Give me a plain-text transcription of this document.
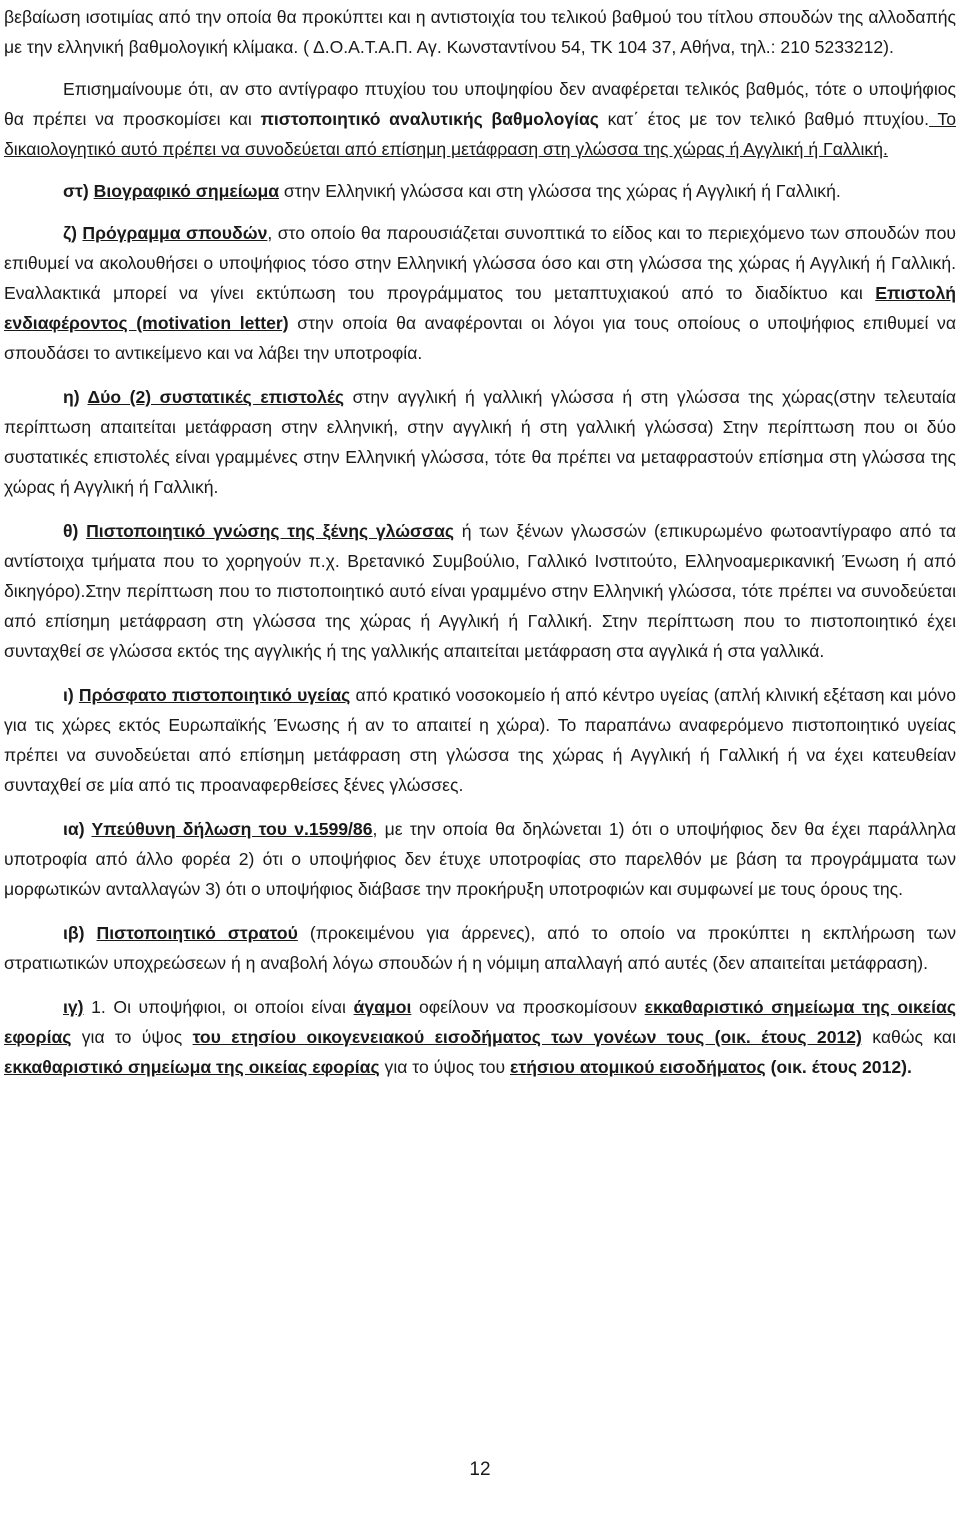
βεβαίωση ισοτιμίας από την οποία θα προκύπτει και η αντιστοιχία του τελικού βαθμού του τίτλου σπουδών της αλλοδαπής με την ελληνική βαθμολογική κλίμακα. ( Δ.Ο.Α.Τ.Α.Π. Αγ. Κωνσταντίνου 54, ΤΚ 104 37, Αθήνα, τηλ.: 210 5233212).

Επισημαίνουμε ότι, αν στο αντίγραφο πτυχίου του υποψηφίου δεν αναφέρεται τελικός βαθμός, τότε ο υποψήφιος θα πρέπει να προσκομίσει και πιστοποιητικό αναλυτικής βαθμολογίας κατ΄ έτος με τον τελικό βαθμό πτυχίου. Το δικαιολογητικό αυτό πρέπει να συνοδεύεται από επίσημη μετάφραση στη γλώσσα της χώρας ή Αγγλική ή Γαλλική.

στ) Βιογραφικό σημείωμα στην Ελληνική γλώσσα και στη γλώσσα της χώρας ή Αγγλική ή Γαλλική.

ζ) Πρόγραμμα σπουδών, στο οποίο θα παρουσιάζεται συνοπτικά το είδος και το περιεχόμενο των σπουδών που επιθυμεί να ακολουθήσει ο υποψήφιος τόσο στην Ελληνική γλώσσα όσο και στη γλώσσα της χώρας ή Αγγλική ή Γαλλική. Εναλλακτικά μπορεί να γίνει εκτύπωση του προγράμματος του μεταπτυχιακού από το διαδίκτυο και Επιστολή ενδιαφέροντος (motivation letter) στην οποία θα αναφέρονται οι λόγοι για τους οποίους ο υποψήφιος επιθυμεί να σπουδάσει το αντικείμενο και να λάβει την υποτροφία.

η) Δύο (2) συστατικές επιστολές στην αγγλική ή γαλλική γλώσσα ή στη γλώσσα της χώρας(στην τελευταία περίπτωση απαιτείται μετάφραση στην ελληνική, στην αγγλική ή στη γαλλική γλώσσα) Στην περίπτωση που οι δύο συστατικές επιστολές είναι γραμμένες στην Ελληνική γλώσσα, τότε θα πρέπει να μεταφραστούν επίσημα στη γλώσσα της χώρας ή Αγγλική ή Γαλλική.

θ) Πιστοποιητικό γνώσης της ξένης γλώσσας ή των ξένων γλωσσών (επικυρωμένο φωτοαντίγραφο από τα αντίστοιχα τμήματα που το χορηγούν π.χ. Βρετανικό Συμβούλιο, Γαλλικό Ινστιτούτο, Ελληνοαμερικανική Ένωση ή από δικηγόρο).Στην περίπτωση που το πιστοποιητικό αυτό είναι γραμμένο στην Ελληνική γλώσσα, τότε πρέπει να συνοδεύεται από επίσημη μετάφραση στη γλώσσα της χώρας ή Αγγλική ή Γαλλική. Στην περίπτωση που το πιστοποιητικό έχει συνταχθεί σε γλώσσα εκτός της αγγλικής ή της γαλλικής απαιτείται μετάφραση στα αγγλικά ή στα γαλλικά.

ι) Πρόσφατο πιστοποιητικό υγείας από κρατικό νοσοκομείο ή από κέντρο υγείας (απλή κλινική εξέταση και μόνο για τις χώρες εκτός Ευρωπαϊκής Ένωσης ή αν το απαιτεί η χώρα). Το παραπάνω αναφερόμενο πιστοποιητικό υγείας πρέπει να συνοδεύεται από επίσημη μετάφραση στη γλώσσα της χώρας ή Αγγλική ή Γαλλική ή να έχει κατευθείαν συνταχθεί σε μία από τις προαναφερθείσες ξένες γλώσσες.

ια) Υπεύθυνη δήλωση του ν.1599/86, με την οποία θα δηλώνεται 1) ότι ο υποψήφιος δεν θα έχει παράλληλα υποτροφία από άλλο φορέα 2) ότι ο υποψήφιος δεν έτυχε υποτροφίας στο παρελθόν με βάση τα προγράμματα των μορφωτικών ανταλλαγών 3) ότι ο υποψήφιος διάβασε την προκήρυξη υποτροφιών και συμφωνεί με τους όρους της.

ιβ) Πιστοποιητικό στρατού (προκειμένου για άρρενες), από το οποίο να προκύπτει η εκπλήρωση των στρατιωτικών υποχρεώσεων ή η αναβολή λόγω σπουδών ή η νόμιμη απαλλαγή από αυτές (δεν απαιτείται μετάφραση).

ιγ) 1. Οι υποψήφιοι, οι οποίοι είναι άγαμοι οφείλουν να προσκομίσουν εκκαθαριστικό σημείωμα της οικείας εφορίας για το ύψος του ετησίου οικογενειακού εισοδήματος των γονέων τους (οικ. έτους 2012) καθώς και εκκαθαριστικό σημείωμα της οικείας εφορίας για το ύψος του ετήσιου ατομικού εισοδήματος (οικ. έτους 2012).

12
